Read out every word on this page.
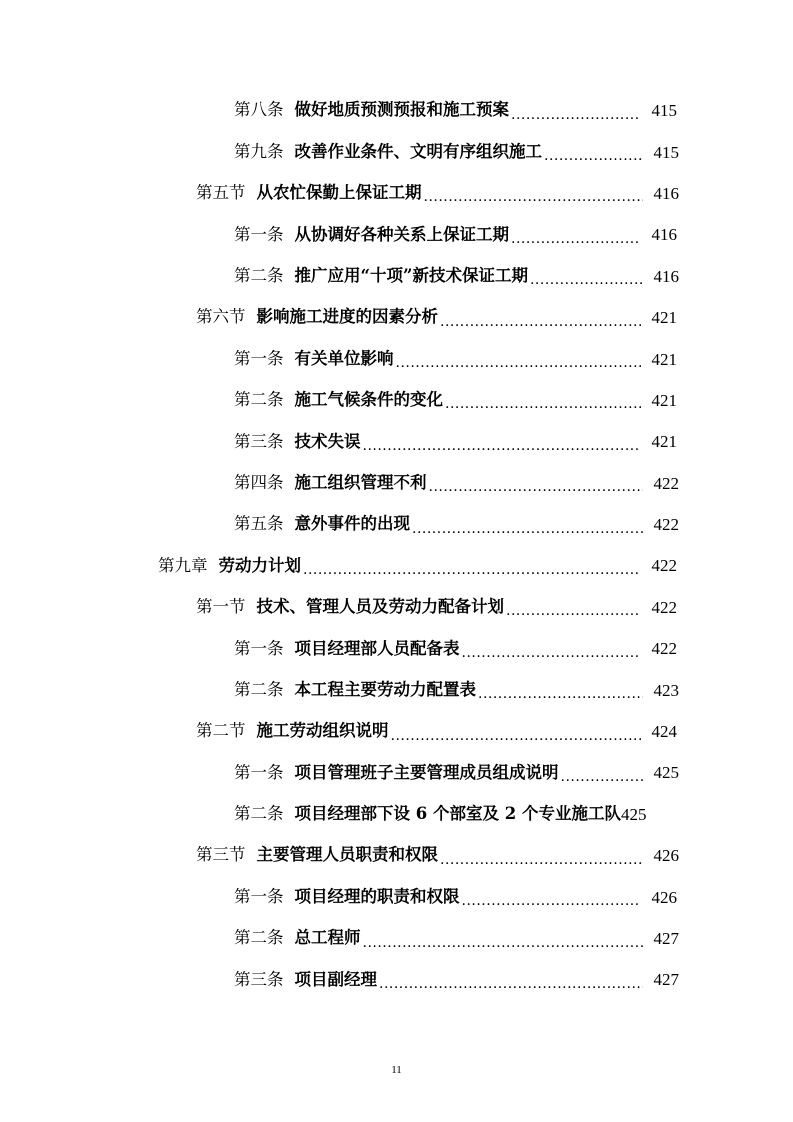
第八条 做好地质预测预报和施工预案 .....	415
第九条 改善作业条件、文明有序组织施工 .....	415
第五节 从农忙保勤上保证工期 .....	416
第一条 从协调好各种关系上保证工期 .....	416
第二条 推广应用“十项”新技术保证工期 .....	416
第六节 影响施工进度的因素分析 .....	421
第一条 有关单位影响 .....	421
第二条 施工气候条件的变化 .....	421
第三条 技术失误 .....	421
第四条 施工组织管理不利 .....	422
第五条 意外事件的出现 .....	422
第九章 劳动力计划 .....	422
第一节 技术、管理人员及劳动力配备计划 .....	422
第一条 项目经理部人员配备表 .....	422
第二条 本工程主要劳动力配置表 .....	423
第二节 施工劳动组织说明 .....	424
第一条 项目管理班子主要管理成员组成说明 .....	425
第二条 项目经理部下设 6 个部室及 2 个专业施工队 425
第三节 主要管理人员职责和权限 .....	426
第一条 项目经理的职责和权限 .....	426
第二条 总工程师 .....	427
第三条 项目副经理 .....	427
11
